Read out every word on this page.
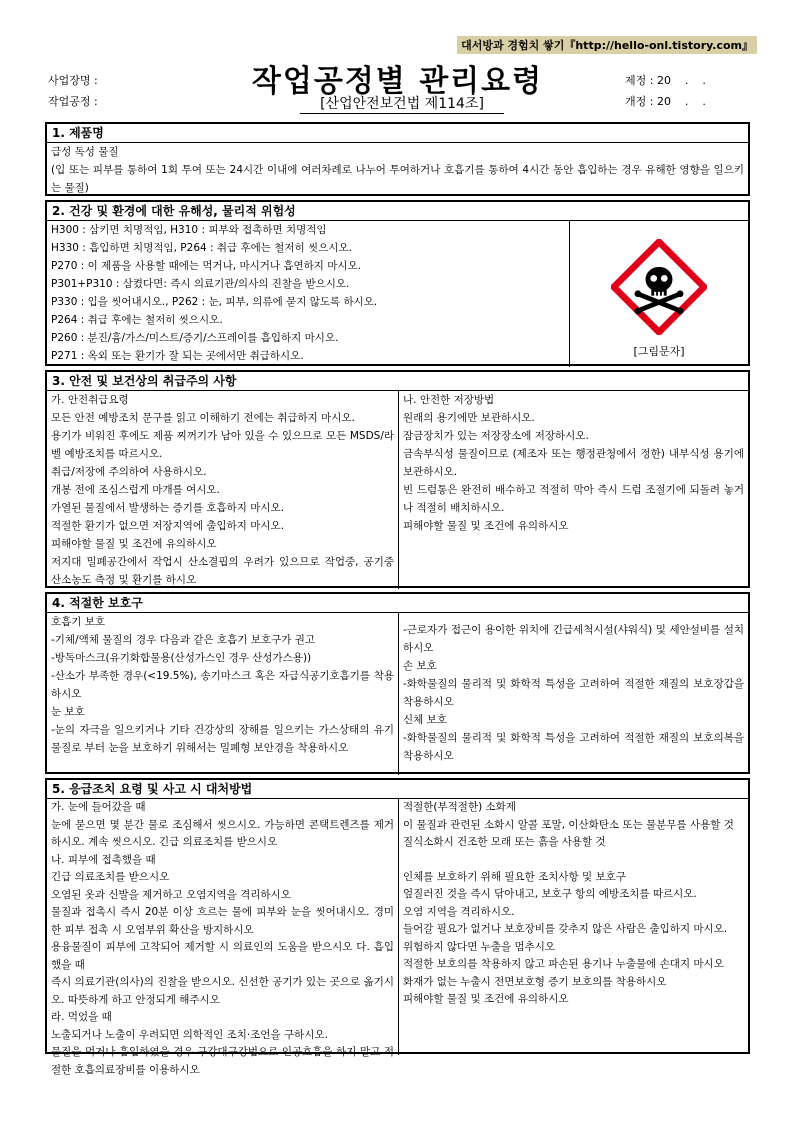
대서방과 경험치 쌓기『http://hello-onl.tistory.com』
사업장명 :
작업공정 :
작업공정별 관리요령
[산업안전보건법 제114조]
제정 : 20    .    .
개정 : 20    .    .
1. 제품명
급성 독성 물질
(입 또는 피부를 통하여 1회 투여 또는 24시간 이내에 여러차례로 나누어 투여하거나 호흡기를 통하여 4시간 동안 흡입하는 경우 유해한 영향을 일으키는 물질)
2. 건강 및 환경에 대한 유해성, 물리적 위험성
H300 : 삼키면 치명적임, H310 : 피부와 접촉하면 치명적임
H330 : 흡입하면 치명적임, P264 : 취급 후에는 철저히 씻으시오.
P270 : 이 제품을 사용할 때에는 먹거나, 마시거나 흡연하지 마시오.
P301+P310 : 삼켰다면: 즉시 의료기관/의사의 진찰을 받으시오.
P330 : 입을 씻어내시오., P262 : 눈, 피부, 의류에 묻지 않도록 하시오.
P264 : 취급 후에는 철저히 씻으시오.
P260 : 분진/흄/가스/미스트/증기/스프레이를 흡입하지 마시오.
P271 : 옥외 또는 환기가 잘 되는 곳에서만 취급하시오.	[그림문자]
3. 안전 및 보건상의 취급주의 사항
가. 안전취급요령
모든 안전 예방조치 문구를 읽고 이해하기 전에는 취급하지 마시오.
용기가 비워진 후에도 제품 찌꺼기가 남아 있을 수 있으므로 모든 MSDS/라벨 예방조치를 따르시오.
취급/저장에 주의하여 사용하시오.
개봉 전에 조심스럽게 마개를 여시오.
가열된 물질에서 발생하는 증기를 호흡하지 마시오.
적절한 환기가 없으면 저장지역에 출입하지 마시오.
피해야할 물질 및 조건에 유의하시오
저지대 밀폐공간에서 작업시 산소결핍의 우려가 있으므로 작업중, 공기중 산소농도 측정 및 환기를 하시오
나. 안전한 저장방법
원래의 용기에만 보관하시오.
잠금장치가 있는 저장장소에 저장하시오.
금속부식성 물질이므로 (제조자 또는 행정관청에서 정한) 내부식성 용기에 보관하시오.
빈 드럼통은 완전히 배수하고 적절히 막아 즉시 드럼 조절기에 되돌려 놓거나 적절히 배치하시오.
피해야할 물질 및 조건에 유의하시오
4. 적절한 보호구
호흡기 보호
-기체/액체 물질의 경우 다음과 같은 호흡기 보호구가 권고
-방독마스크(유기화합물용(산성가스인 경우 산성가스용))
-산소가 부족한 경우(<19.5%), 송기마스크 혹은 자급식공기호흡기를 착용하시오
눈 보호
-눈의 자극을 일으키거나 기타 건강상의 장해를 일으키는 가스상태의 유기물질로 부터 눈을 보호하기 위해서는 밀폐형 보안경을 착용하시오
-근로자가 접근이 용이한 위치에 긴급세척시설(샤워식) 및 세안설비를 설치하시오
손 보호
-화학물질의 물리적 및 화학적 특성을 고려하여 적절한 재질의 보호장갑을 착용하시오
신체 보호
-화학물질의 물리적 및 화학적 특성을 고려하여 적절한 재질의 보호의복을 착용하시오
5. 응급조치 요령 및 사고 시 대처방법
가. 눈에 들어갔을 때
눈에 묻으면 몇 분간 물로 조심해서 씻으시오. 가능하면 콘택트렌즈를 제거하시오. 계속 씻으시오. 긴급 의료조치를 받으시오
나. 피부에 접촉했을 때
긴급 의료조치를 받으시오
오염된 옷과 신발을 제거하고 오염지역을 격리하시오
물질과 접촉시 즉시 20분 이상 흐르는 물에 피부와 눈을 씻어내시오. 경미한 피부 접촉 시 오염부위 확산을 방지하시오
용융물질이 피부에 고착되어 제거할 시 의료인의 도움을 받으시오 다. 흡입했을 때
즉시 의료기관(의사)의 진찰을 받으시오. 신선한 공기가 있는 곳으로 옮기시오. 따뜻하게 하고 안정되게 해주시오
라. 먹었을 때
노출되거나 노출이 우려되면 의학적인 조치·조언을 구하시오.
물질을 먹거나 흡입하였을 경우 구강대구강법으로 인공호흡을 하지 말고 적절한 호흡의료장비를 이용하시오
적절한(부적절한) 소화제
이 물질과 관련된 소화시 알콜 포말, 이산화탄소 또는 물분무를 사용할 것
질식소화시 건조한 모래 또는 흙을 사용할 것
인체를 보호하기 위해 필요한 조치사항 및 보호구
엎질러진 것을 즉시 닦아내고, 보호구 항의 예방조치를 따르시오.
오염 지역을 격리하시오.
들어갈 필요가 없거나 보호장비를 갖추지 않은 사람은 출입하지 마시오.
위험하지 않다면 누출을 멈추시오
적절한 보호의를 착용하지 않고 파손된 용기나 누출물에 손대지 마시오
화재가 없는 누출시 전면보호형 증기 보호의를 착용하시오
피해야할 물질 및 조건에 유의하시오
